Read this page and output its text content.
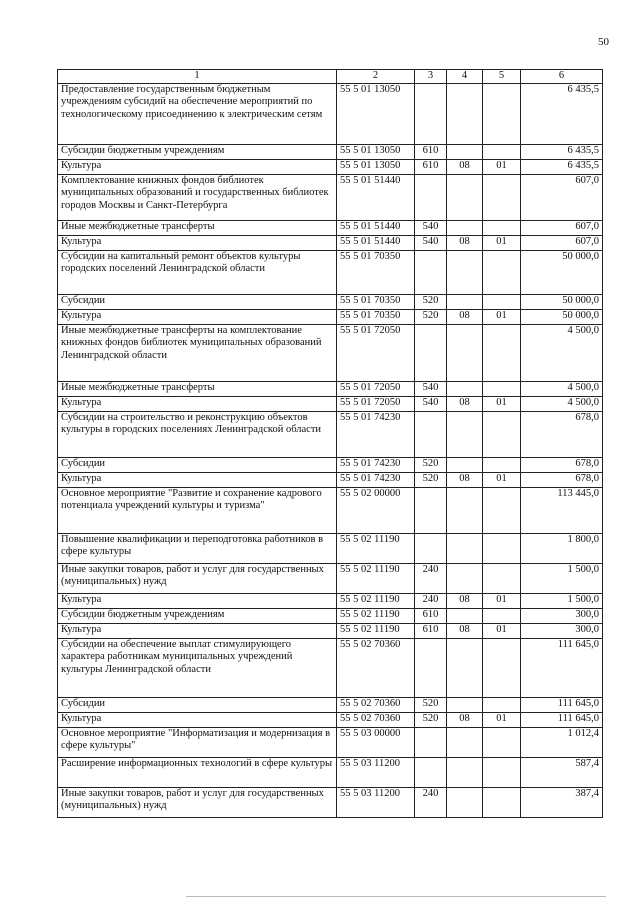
50
1	2	3	4	5	6
Предоставление государственным бюджетным учреждениям субсидий на обеспечение мероприятий по технологическому присоединению к электрическим сетям	55 5 01 13050				6 435,5
Субсидии бюджетным учреждениям	55 5 01 13050	610			6 435,5
Культура	55 5 01 13050	610	08	01	6 435,5
Комплектование книжных фондов библиотек муниципальных образований и государственных библиотек городов Москвы и Санкт-Петербурга	55 5 01 51440				607,0
Иные межбюджетные трансферты	55 5 01 51440	540			607,0
Культура	55 5 01 51440	540	08	01	607,0
Субсидии на капитальный ремонт объектов культуры городских поселений Ленинградской области	55 5 01 70350				50 000,0
Субсидии	55 5 01 70350	520			50 000,0
Культура	55 5 01 70350	520	08	01	50 000,0
Иные межбюджетные трансферты на комплектование книжных фондов библиотек муниципальных образований Ленинградской области	55 5 01 72050				4 500,0
Иные межбюджетные трансферты	55 5 01 72050	540			4 500,0
Культура	55 5 01 72050	540	08	01	4 500,0
Субсидии на строительство и реконструкцию объектов культуры в городских поселениях Ленинградской области	55 5 01 74230				678,0
Субсидии	55 5 01 74230	520			678,0
Культура	55 5 01 74230	520	08	01	678,0
Основное мероприятие "Развитие и сохранение кадрового потенциала учреждений культуры и туризма"	55 5 02 00000				113 445,0
Повышение квалификации и переподготовка работников в сфере культуры	55 5 02 11190				1 800,0
Иные закупки товаров, работ и услуг для государственных (муниципальных) нужд	55 5 02 11190	240			1 500,0
Культура	55 5 02 11190	240	08	01	1 500,0
Субсидии бюджетным учреждениям	55 5 02 11190	610			300,0
Культура	55 5 02 11190	610	08	01	300,0
Субсидии на обеспечение выплат стимулирующего характера работникам муниципальных учреждений культуры Ленинградской области	55 5 02 70360				111 645,0
Субсидии	55 5 02 70360	520			111 645,0
Культура	55 5 02 70360	520	08	01	111 645,0
Основное мероприятие "Информатизация и модернизация в сфере культуры"	55 5 03 00000				1 012,4
Расширение информационных технологий в сфере культуры	55 5 03 11200				587,4
Иные закупки товаров, работ и услуг для государственных (муниципальных) нужд	55 5 03 11200	240			387,4
